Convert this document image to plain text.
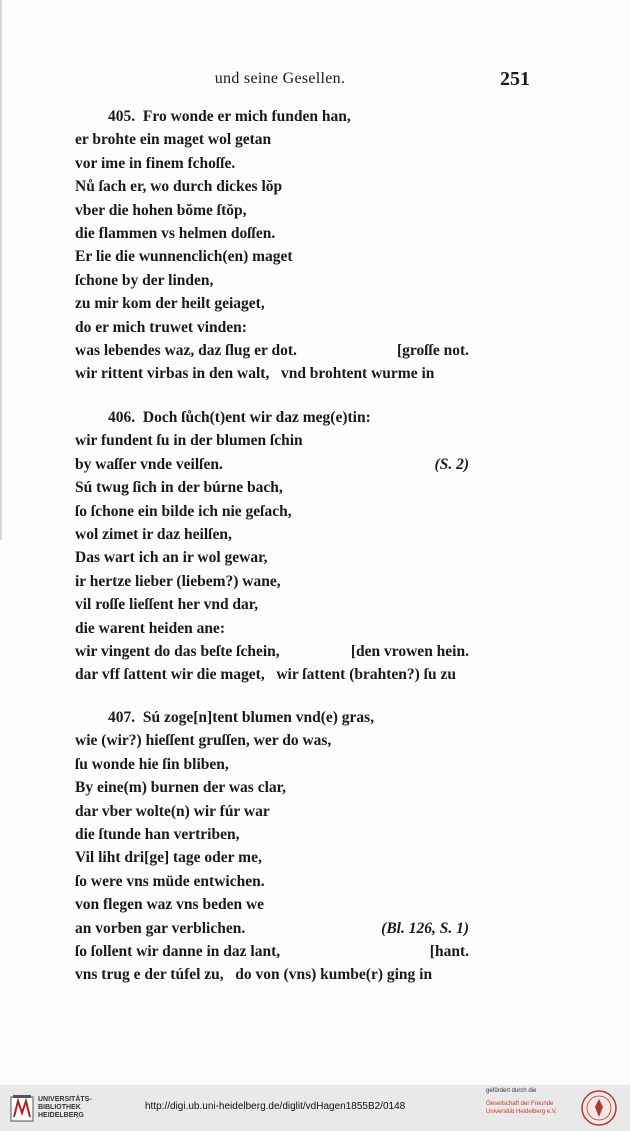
und seine Gesellen.	251
405.  Fro wonde er mich funden han,
er brohte ein maget wol getan
vor ime in finem fchoſſe.
Nů ſach er, wo durch dickes lŏp
vber die hohen bŏme ſtŏp,
die flammen vs helmen doſſen.
Er lie die wunnenclich(en) maget
ſchone by der linden,
zu mir kom der heilt geiaget,
do er mich truwet vinden:
was lebendes waz, daz ſlug er dot.	[groſſe not.
wir rittent virbas in den walt,   vnd brohtent wurme in
406.  Doch ſůch(t)ent wir daz meg(e)tin:
wir fundent ſu in der blumen ſchin
by waſſer vnde veilſen.	(S. 2)
Sú twug ſich in der búrne bach,
ſo ſchone ein bilde ich nie geſach,
wol zimet ir daz heilſen,
Das wart ich an ir wol gewar,
ir hertze lieber (liebem?) wane,
vil roſſe lieſſent her vnd dar,
die warent heiden ane:
wir vingent do das beſte ſchein,	[den vrowen hein.
dar vff ſattent wir die maget,   wir ſattent (brahten?) ſu zu
407.  Sú zoge[n]tent blumen vnd(e) gras,
wie (wir?) hieſſent gruſſen, wer do was,
ſu wonde hie ſin bliben,
By eine(m) burnen der was clar,
dar vber wolte(n) wir fúr war
die ſtunde han vertriben,
Vil liht dri[ge] tage oder me,
ſo were vns müde entwichen.
von flegen waz vns beden we
an vorben gar verblichen.	(Bl. 126, S. 1)
ſo ſollent wir danne in daz lant,	[hant.
vns trug e der túfel zu,   do von (vns) kumbe(r) ging in
UNIVERSITÄTS-
BIBLIOTHEK
HEIDELBERG
http://digi.ub.uni-heidelberg.de/diglit/vdHagen1855B2/0148
gefördert durch die
Gesellschaft der Freunde
Universität Heidelberg e.V.
